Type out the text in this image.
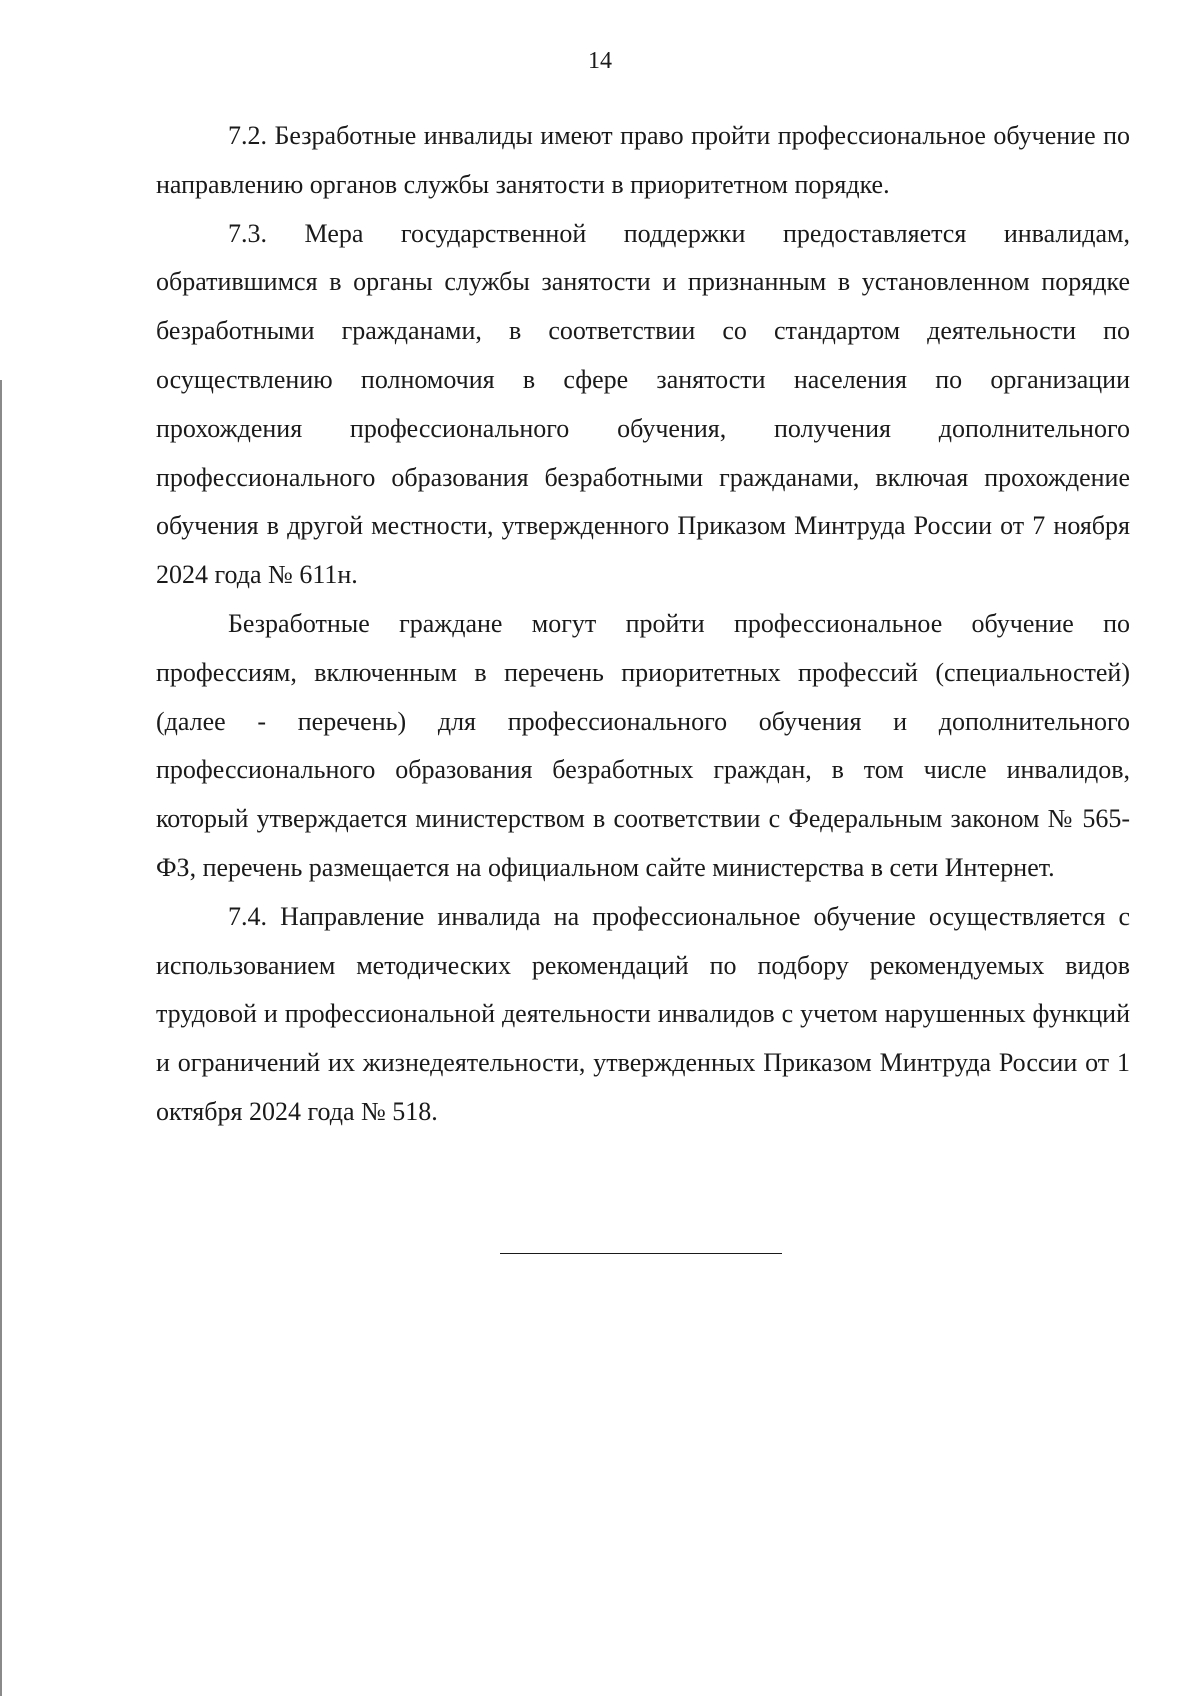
14

7.2. Безработные инвалиды имеют право пройти профессиональное обучение по направлению органов службы занятости в приоритетном порядке.

7.3. Мера государственной поддержки предоставляется инвалидам, обратившимся в органы службы занятости и признанным в установленном порядке безработными гражданами, в соответствии со стандартом деятельности по осуществлению полномочия в сфере занятости населения по организации прохождения профессионального обучения, получения дополнительного профессионального образования безработными гражданами, включая прохождение обучения в другой местности, утвержденного Приказом Минтруда России от 7 ноября 2024 года № 611н.

Безработные граждане могут пройти профессиональное обучение по профессиям, включенным в перечень приоритетных профессий (специальностей) (далее - перечень) для профессионального обучения и дополнительного профессионального образования безработных граждан, в том числе инвалидов, который утверждается министерством в соответствии с Федеральным законом № 565-ФЗ, перечень размещается на официальном сайте министерства в сети Интернет.

7.4. Направление инвалида на профессиональное обучение осуществляется с использованием методических рекомендаций по подбору рекомендуемых видов трудовой и профессиональной деятельности инвалидов с учетом нарушенных функций и ограничений их жизнедеятельности, утвержденных Приказом Минтруда России от 1 октября 2024 года № 518.
